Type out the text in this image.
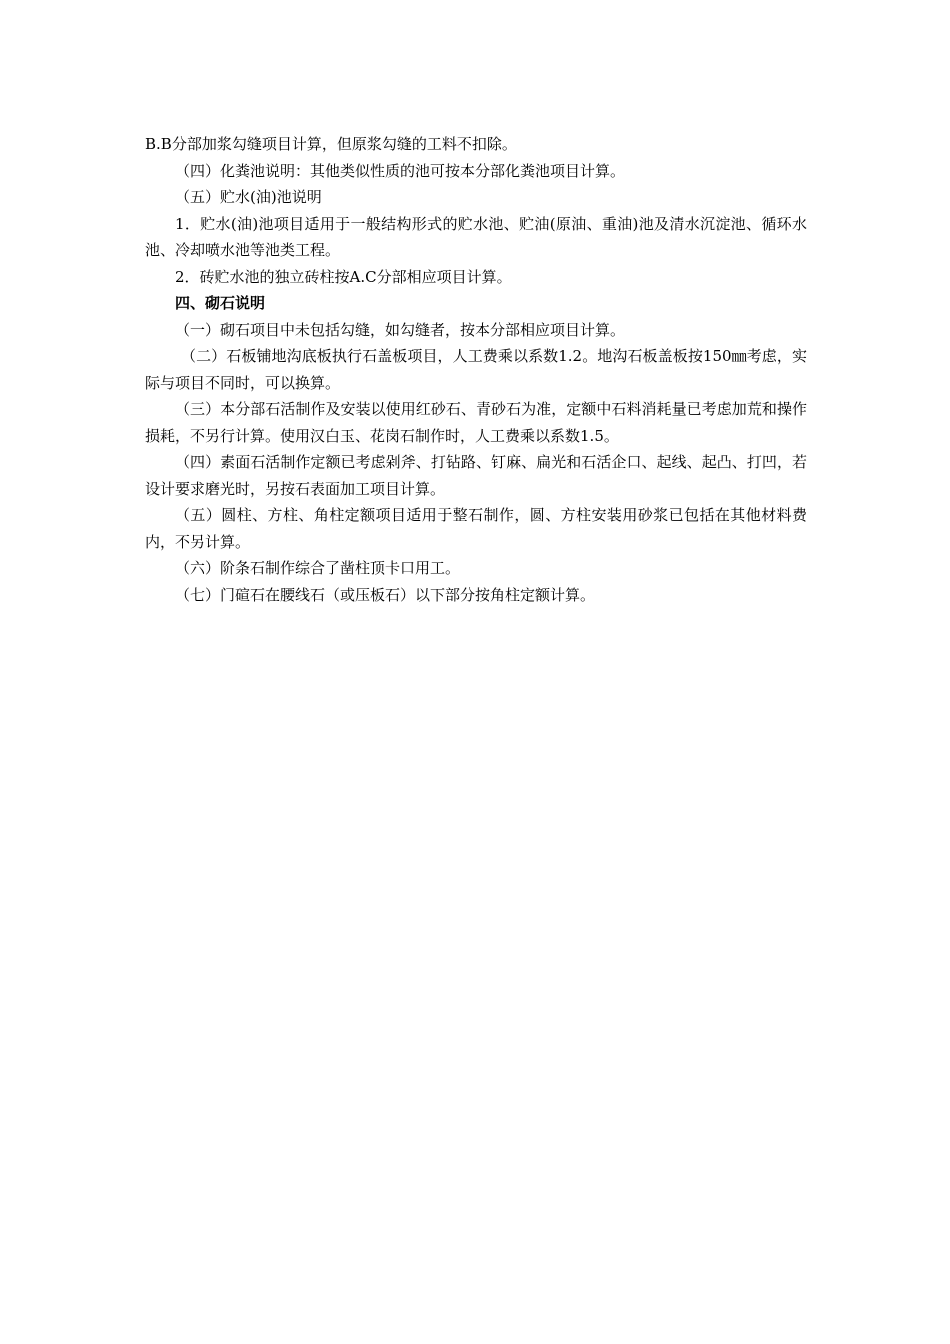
B.B分部加浆勾缝项目计算，但原浆勾缝的工料不扣除。

（四）化粪池说明：其他类似性质的池可按本分部化粪池项目计算。

（五）贮水(油)池说明

1．贮水(油)池项目适用于一般结构形式的贮水池、贮油(原油、重油)池及清水沉淀池、循环水池、冷却喷水池等池类工程。

2．砖贮水池的独立砖柱按A.C分部相应项目计算。

四、砌石说明

（一）砌石项目中未包括勾缝，如勾缝者，按本分部相应项目计算。

（二）石板铺地沟底板执行石盖板项目，人工费乘以系数1.2。地沟石板盖板按150㎜考虑，实际与项目不同时，可以换算。

（三）本分部石活制作及安装以使用红砂石、青砂石为准，定额中石料消耗量已考虑加荒和操作损耗，不另行计算。使用汉白玉、花岗石制作时，人工费乘以系数1.5。

（四）素面石活制作定额已考虑剁斧、打钻路、钉麻、扁光和石活企口、起线、起凸、打凹，若设计要求磨光时，另按石表面加工项目计算。

（五）圆柱、方柱、角柱定额项目适用于整石制作，圆、方柱安装用砂浆已包括在其他材料费内，不另计算。

（六）阶条石制作综合了凿柱顶卡口用工。

（七）门碹石在腰线石（或压板石）以下部分按角柱定额计算。
